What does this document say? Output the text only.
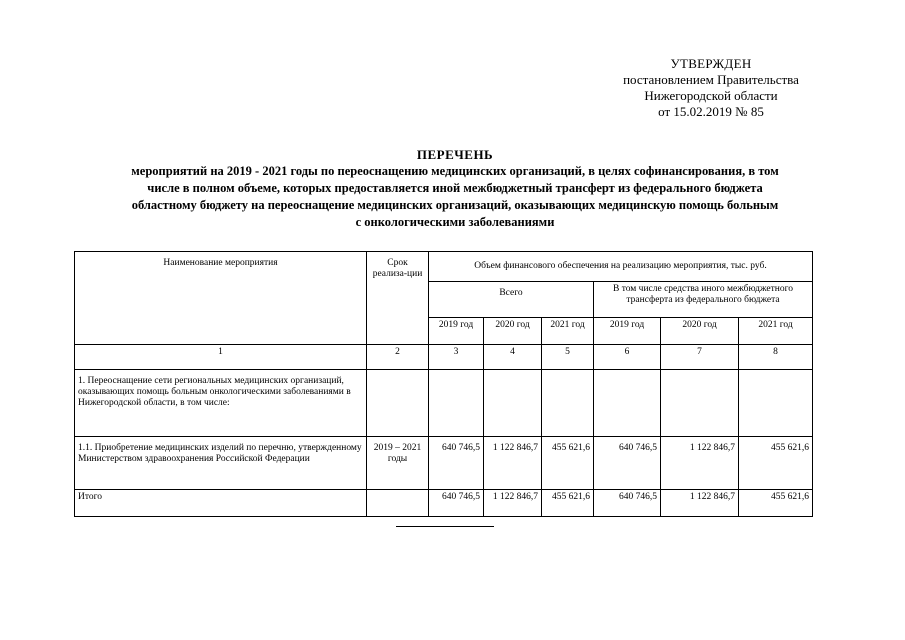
УТВЕРЖДЕН
постановлением Правительства
Нижегородской области
от 15.02.2019 № 85
ПЕРЕЧЕНЬ
мероприятий на 2019 - 2021 годы по переоснащению медицинских организаций, в целях софинансирования, в том
числе в полном объеме, которых предоставляется иной межбюджетный трансферт из федерального бюджета
областному бюджету на переоснащение медицинских организаций, оказывающих медицинскую помощь больным
с онкологическими заболеваниями
Наименование мероприятия	Срок реализа-ции	Объем финансового обеспечения на реализацию мероприятия, тыс. руб.					
		Всего			В том числе средства иного межбюджетного трансферта из федерального бюджета		
		2019 год	2020 год	2021 год	2019 год	2020 год	2021 год
1	2	3	4	5	6	7	8
1. Переоснащение сети региональных медицинских организаций, оказывающих помощь больным онкологическими заболеваниями в Нижегородской области, в том числе:							
1.1. Приобретение медицинских изделий по перечню, утвержденному Министерством здравоохранения Российской Федерации	2019 – 2021 годы	640 746,5	1 122 846,7	455 621,6	640 746,5	1 122 846,7	455 621,6
Итого		640 746,5	1 122 846,7	455 621,6	640 746,5	1 122 846,7	455 621,6
